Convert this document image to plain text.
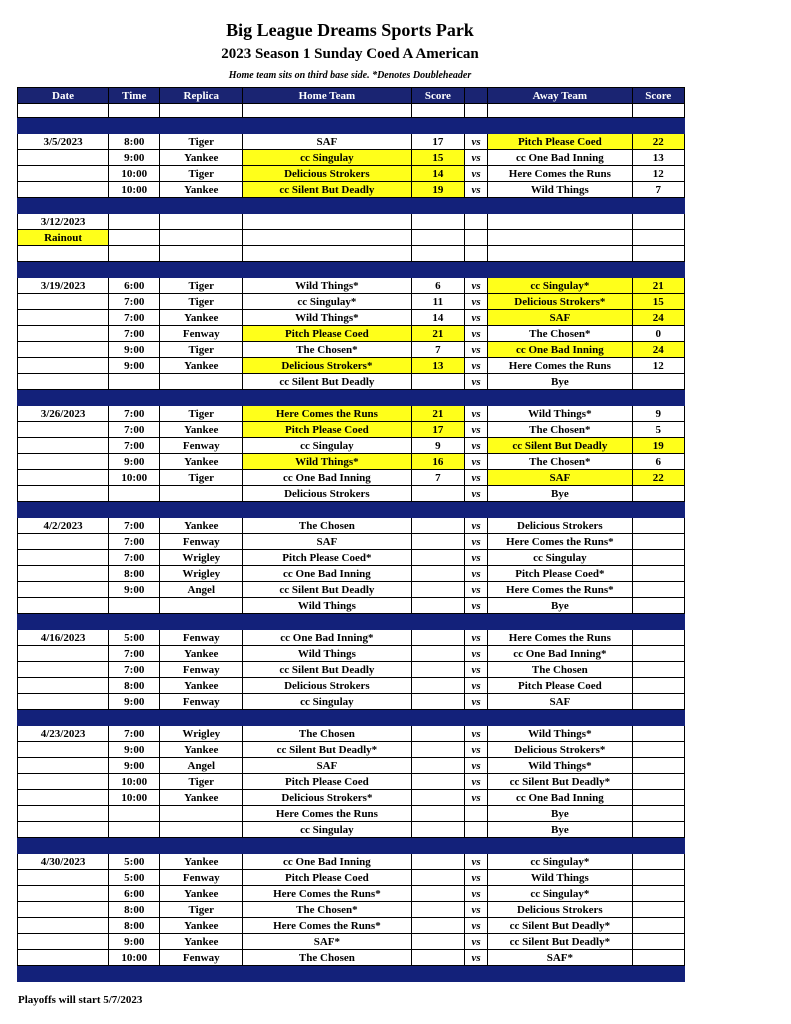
Big League Dreams Sports Park
2023 Season 1 Sunday Coed A American
Home team sits on third base side. *Denotes Doubleheader
Date	Time	Replica	Home Team	Score		Away Team	Score

3/5/2023	8:00	Tiger	SAF	17	vs	Pitch Please Coed	22
	9:00	Yankee	cc Singulay	15	vs	cc One Bad Inning	13
	10:00	Tiger	Delicious Strokers	14	vs	Here Comes the Runs	12
	10:00	Yankee	cc Silent But Deadly	19	vs	Wild Things	7

3/12/2023							
Rainout							

3/19/2023	6:00	Tiger	Wild Things*	6	vs	cc Singulay*	21
	7:00	Tiger	cc Singulay*	11	vs	Delicious Strokers*	15
	7:00	Yankee	Wild Things*	14	vs	SAF	24
	7:00	Fenway	Pitch Please Coed	21	vs	The Chosen*	0
	9:00	Tiger	The Chosen*	7	vs	cc One Bad Inning	24
	9:00	Yankee	Delicious Strokers*	13	vs	Here Comes the Runs	12
			cc Silent But Deadly		vs	Bye	

3/26/2023	7:00	Tiger	Here Comes the Runs	21	vs	Wild Things*	9
	7:00	Yankee	Pitch Please Coed	17	vs	The Chosen*	5
	7:00	Fenway	cc Singulay	9	vs	cc Silent But Deadly	19
	9:00	Yankee	Wild Things*	16	vs	The Chosen*	6
	10:00	Tiger	cc One Bad Inning	7	vs	SAF	22
			Delicious Strokers		vs	Bye	

4/2/2023	7:00	Yankee	The Chosen		vs	Delicious Strokers	
	7:00	Fenway	SAF		vs	Here Comes the Runs*	
	7:00	Wrigley	Pitch Please Coed*		vs	cc Singulay	
	8:00	Wrigley	cc One Bad Inning		vs	Pitch Please Coed*	
	9:00	Angel	cc Silent But Deadly		vs	Here Comes the Runs*	
			Wild Things		vs	Bye	

4/16/2023	5:00	Fenway	cc One Bad Inning*		vs	Here Comes the Runs	
	7:00	Yankee	Wild Things		vs	cc One Bad Inning*	
	7:00	Fenway	cc Silent But Deadly		vs	The Chosen	
	8:00	Yankee	Delicious Strokers		vs	Pitch Please Coed	
	9:00	Fenway	cc Singulay		vs	SAF	

4/23/2023	7:00	Wrigley	The Chosen		vs	Wild Things*	
	9:00	Yankee	cc Silent But Deadly*		vs	Delicious Strokers*	
	9:00	Angel	SAF		vs	Wild Things*	
	10:00	Tiger	Pitch Please Coed		vs	cc Silent But Deadly*	
	10:00	Yankee	Delicious Strokers*		vs	cc One Bad Inning	
			Here Comes the Runs			Bye	
			cc Singulay			Bye	

4/30/2023	5:00	Yankee	cc One Bad Inning		vs	cc Singulay*	
	5:00	Fenway	Pitch Please Coed		vs	Wild Things	
	6:00	Yankee	Here Comes the Runs*		vs	cc Singulay*	
	8:00	Tiger	The Chosen*		vs	Delicious Strokers	
	8:00	Yankee	Here Comes the Runs*		vs	cc Silent But Deadly*	
	9:00	Yankee	SAF*		vs	cc Silent But Deadly*	
	10:00	Fenway	The Chosen		vs	SAF*	

Playoffs will start 5/7/2023
